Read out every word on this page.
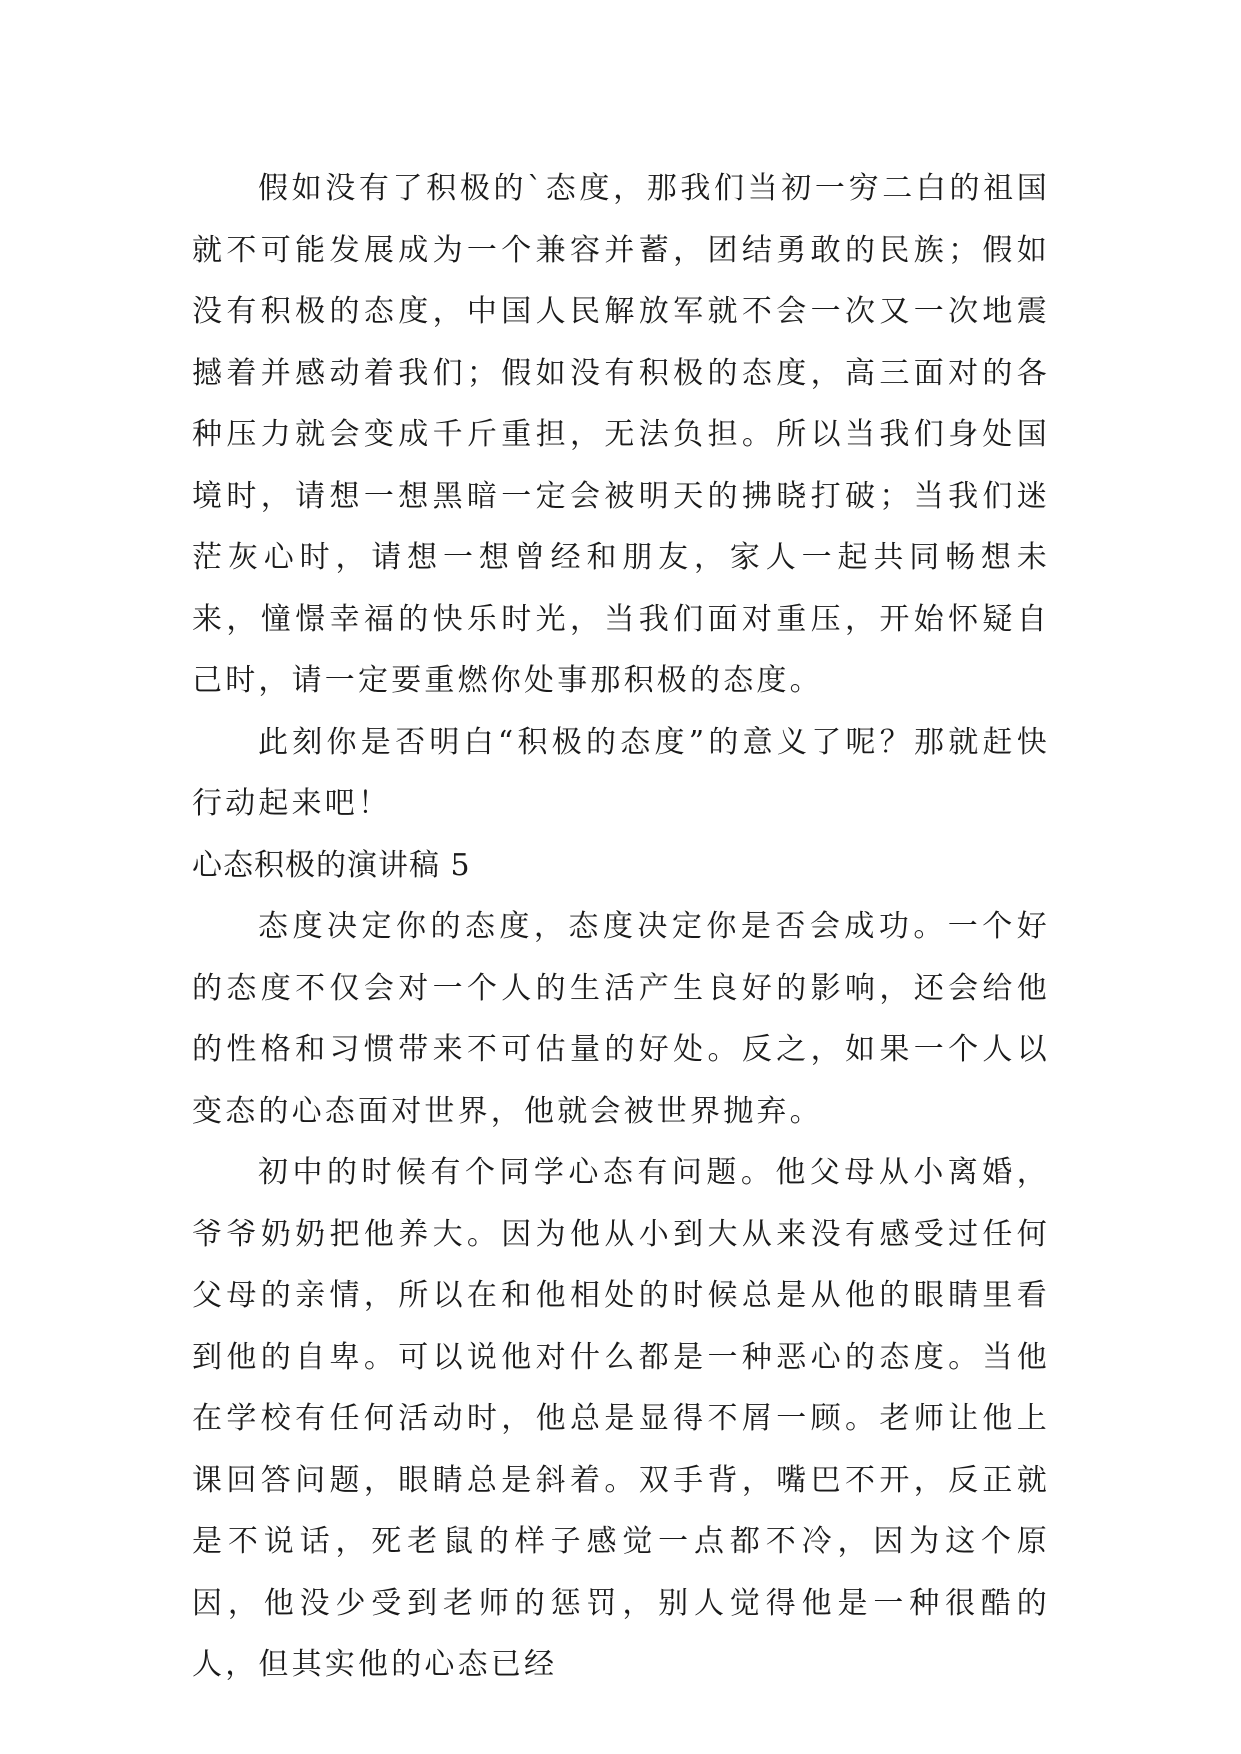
假如没有了积极的`态度，那我们当初一穷二白的祖国就不可能发展成为一个兼容并蓄，团结勇敢的民族；假如没有积极的态度，中国人民解放军就不会一次又一次地震撼着并感动着我们；假如没有积极的态度，高三面对的各种压力就会变成千斤重担，无法负担。所以当我们身处国境时，请想一想黑暗一定会被明天的拂晓打破；当我们迷茫灰心时，请想一想曾经和朋友，家人一起共同畅想未来，憧憬幸福的快乐时光，当我们面对重压，开始怀疑自己时，请一定要重燃你处事那积极的态度。

此刻你是否明白“积极的态度”的意义了呢？那就赶快行动起来吧！

心态积极的演讲稿 5

态度决定你的态度，态度决定你是否会成功。一个好的态度不仅会对一个人的生活产生良好的影响，还会给他的性格和习惯带来不可估量的好处。反之，如果一个人以变态的心态面对世界，他就会被世界抛弃。

初中的时候有个同学心态有问题。他父母从小离婚，爷爷奶奶把他养大。因为他从小到大从来没有感受过任何父母的亲情，所以在和他相处的时候总是从他的眼睛里看到他的自卑。可以说他对什么都是一种恶心的态度。当他在学校有任何活动时，他总是显得不屑一顾。老师让他上课回答问题，眼睛总是斜着。双手背，嘴巴不开，反正就是不说话，死老鼠的样子感觉一点都不冷，因为这个原因，他没少受到老师的惩罚，别人觉得他是一种很酷的人，但其实他的心态已经
